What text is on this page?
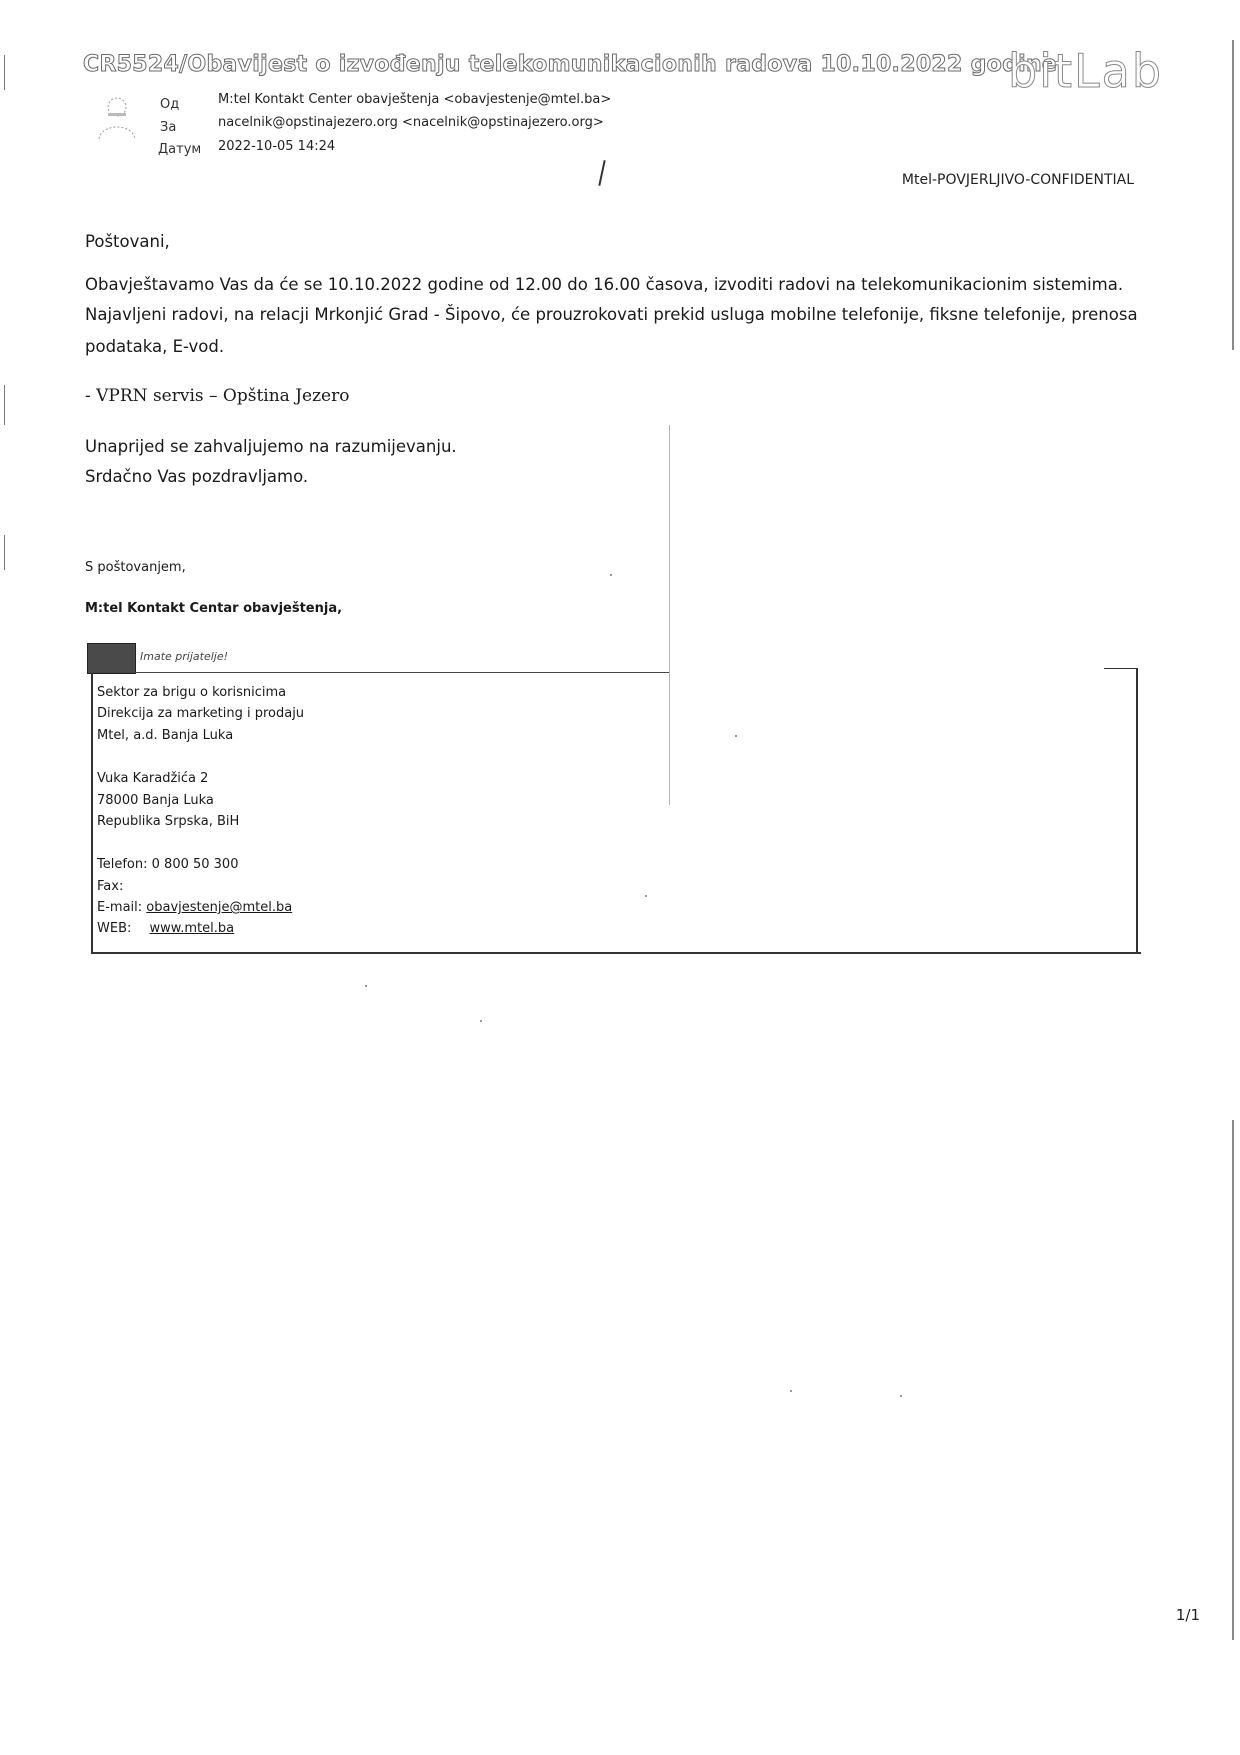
CR5524/Obavijest o izvođenju telekomunikacionih radova 10.10.2022 godine
bitLab
Од	M:tel Kontakt Center obavještenja <obavjestenje@mtel.ba>
За	nacelnik@opstinajezero.org <nacelnik@opstinajezero.org>
Датум 2022-10-05 14:24
Mtel-POVJERLJIVO-CONFIDENTIAL
Poštovani,
Obavještavamo Vas da će se 10.10.2022 godine od 12.00 do 16.00 časova, izvoditi radovi na telekomunikacionim sistemima.
Najavljeni radovi, na relacji Mrkonjić Grad - Šipovo, će prouzrokovati prekid usluga mobilne telefonije, fiksne telefonije, prenosa
podataka, E-vod.
- VPRN servis – Opština Jezero
Unaprijed se zahvaljujemo na razumijevanju.
Srdačno Vas pozdravljamo.
S poštovanjem,
M:tel Kontakt Centar obavještenja,
Imate prijatelje!
Sektor za brigu o korisnicima
Direkcija za marketing i prodaju
Mtel, a.d. Banja Luka
Vuka Karadžića 2
78000 Banja Luka
Republika Srpska, BiH
Telefon: 0 800 50 300
Fax:
E-mail: obavjestenje@mtel.ba
WEB: www.mtel.ba
1/1
